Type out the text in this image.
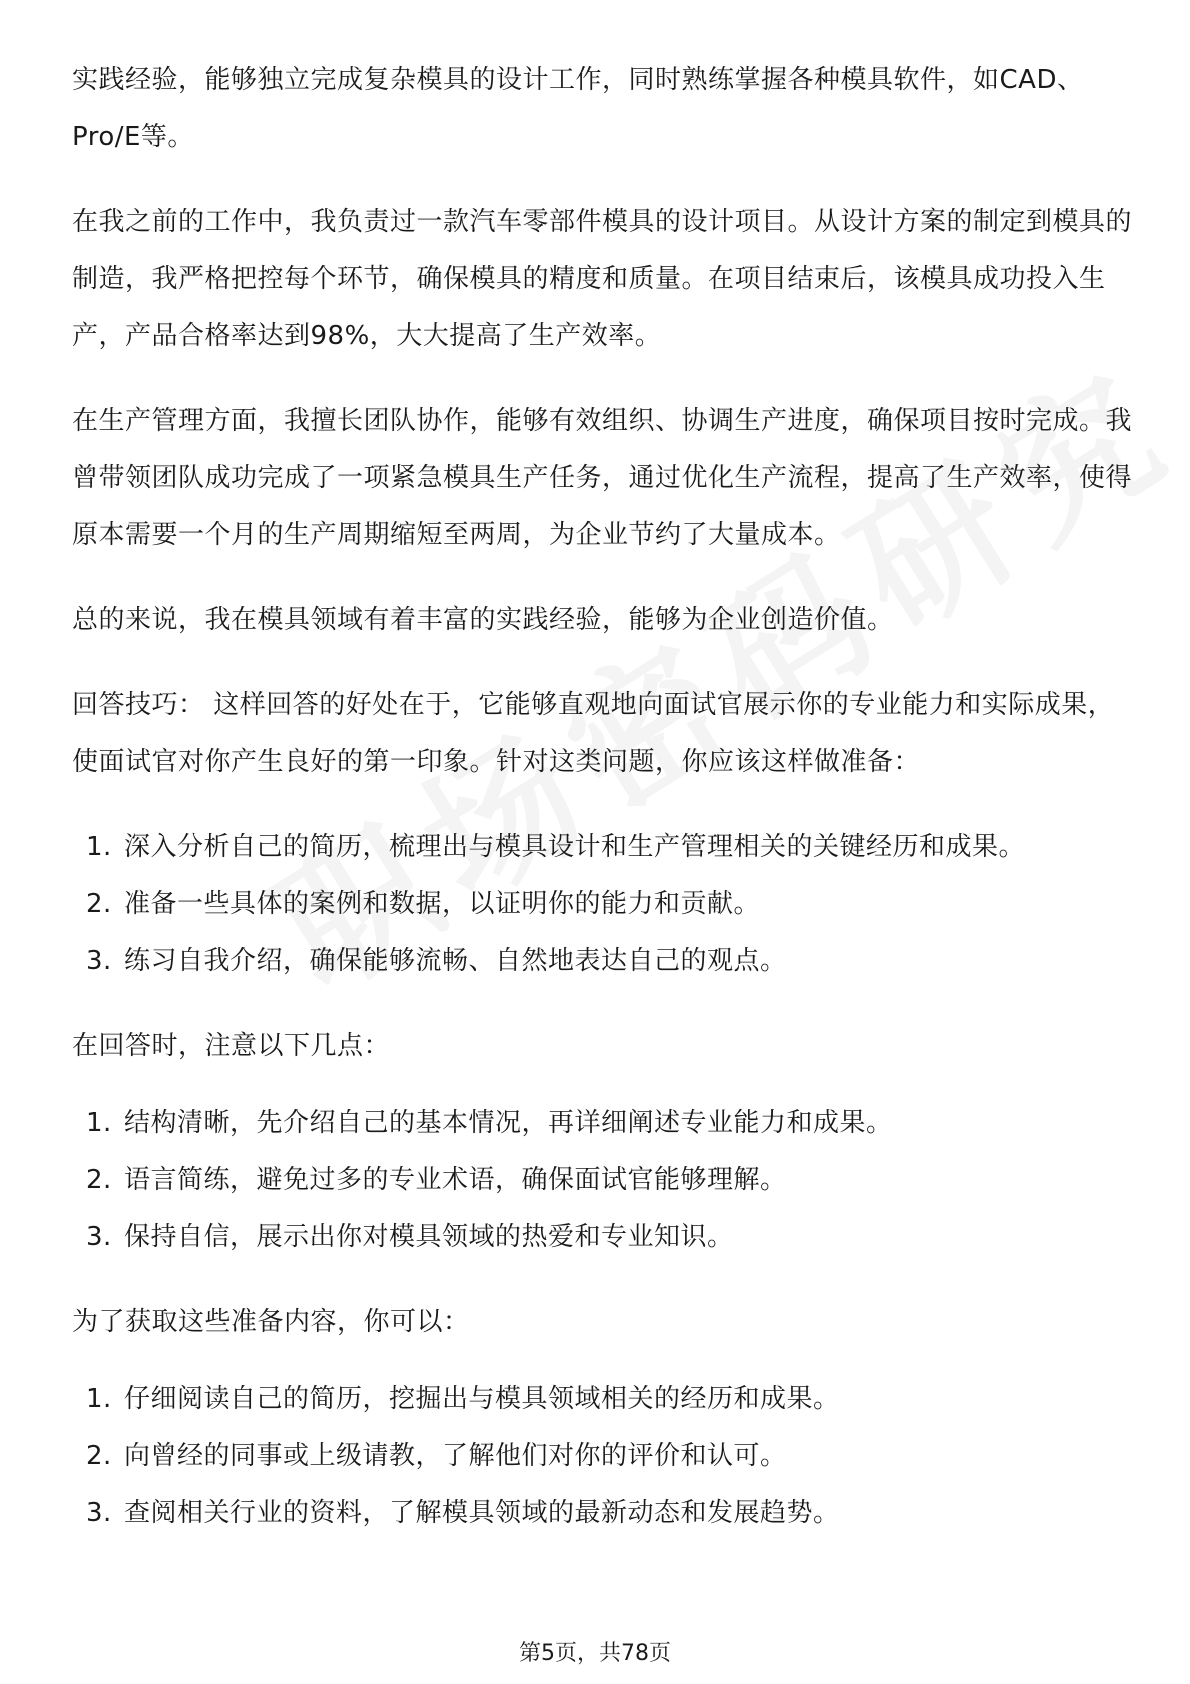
实践经验，能够独立完成复杂模具的设计工作，同时熟练掌握各种模具软件，如CAD、Pro/E等。

在我之前的工作中，我负责过一款汽车零部件模具的设计项目。从设计方案的制定到模具的制造，我严格把控每个环节，确保模具的精度和质量。在项目结束后，该模具成功投入生产，产品合格率达到98%，大大提高了生产效率。

在生产管理方面，我擅长团队协作，能够有效组织、协调生产进度，确保项目按时完成。我曾带领团队成功完成了一项紧急模具生产任务，通过优化生产流程，提高了生产效率，使得原本需要一个月的生产周期缩短至两周，为企业节约了大量成本。

总的来说，我在模具领域有着丰富的实践经验，能够为企业创造价值。

回答技巧： 这样回答的好处在于，它能够直观地向面试官展示你的专业能力和实际成果，使面试官对你产生良好的第一印象。针对这类问题，你应该这样做准备：

1. 深入分析自己的简历，梳理出与模具设计和生产管理相关的关键经历和成果。
2. 准备一些具体的案例和数据，以证明你的能力和贡献。
3. 练习自我介绍，确保能够流畅、自然地表达自己的观点。

在回答时，注意以下几点：

1. 结构清晰，先介绍自己的基本情况，再详细阐述专业能力和成果。
2. 语言简练，避免过多的专业术语，确保面试官能够理解。
3. 保持自信，展示出你对模具领域的热爱和专业知识。

为了获取这些准备内容，你可以：

1. 仔细阅读自己的简历，挖掘出与模具领域相关的经历和成果。
2. 向曾经的同事或上级请教，了解他们对你的评价和认可。
3. 查阅相关行业的资料，了解模具领域的最新动态和发展趋势。
第5页，共78页
